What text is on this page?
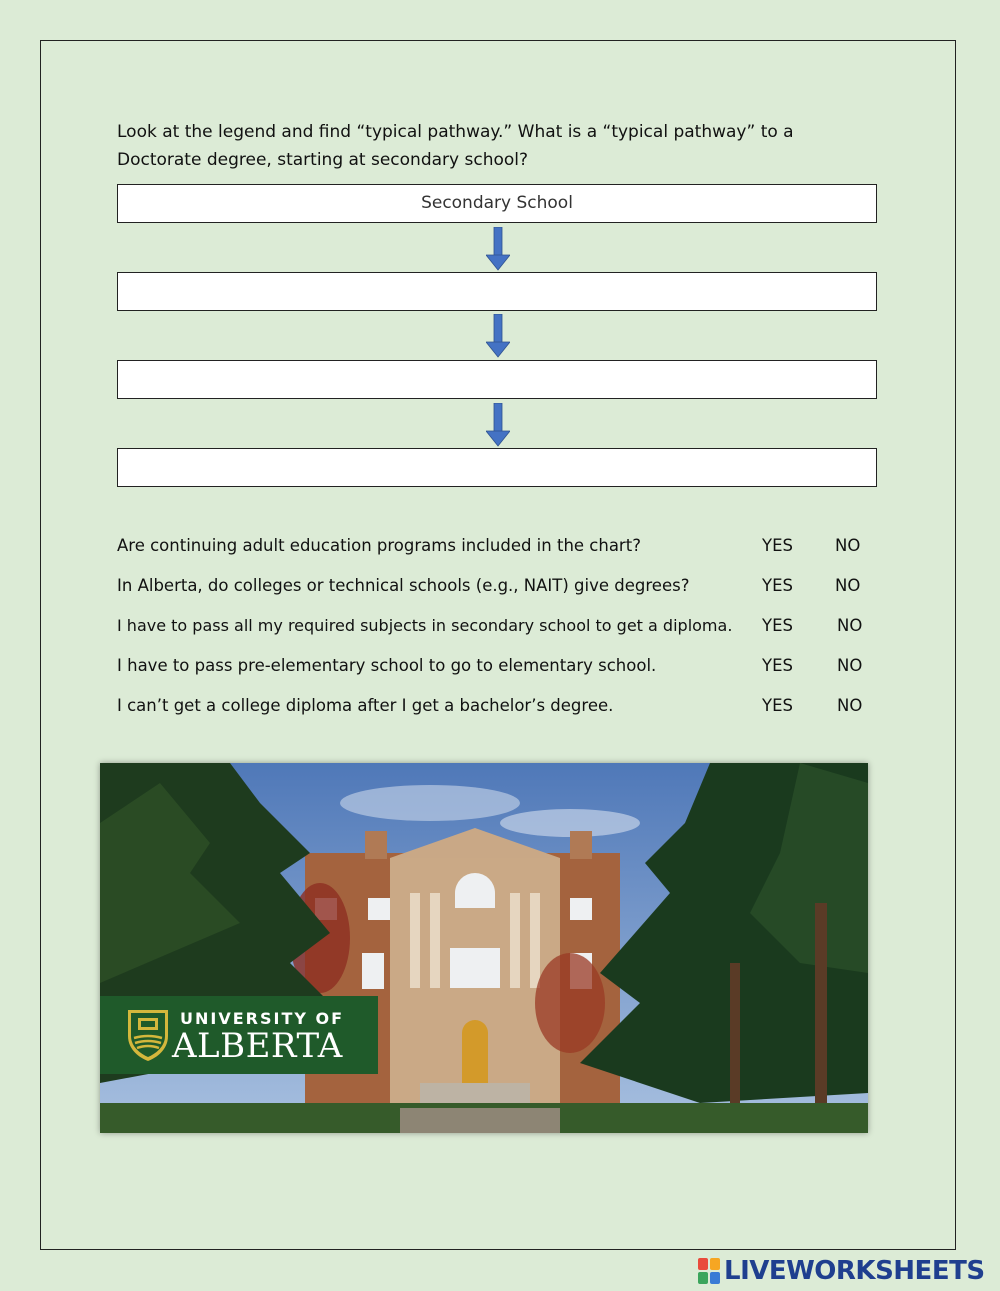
Look at the legend and find “typical pathway.” What is a “typical pathway” to a Doctorate degree, starting at secondary school?
Secondary School
Are continuing adult education programs included in the chart?	YES	NO
In Alberta, do colleges or technical schools (e.g., NAIT) give degrees?	YES	NO
I have to pass all my required subjects in secondary school to get a diploma. YES	NO
I have to pass pre-elementary school to go to elementary school.	YES	NO
I can’t get a college diploma after I get a bachelor’s degree.	YES	NO
UNIVERSITY OF
ALBERTA
LIVEWORKSHEETS
